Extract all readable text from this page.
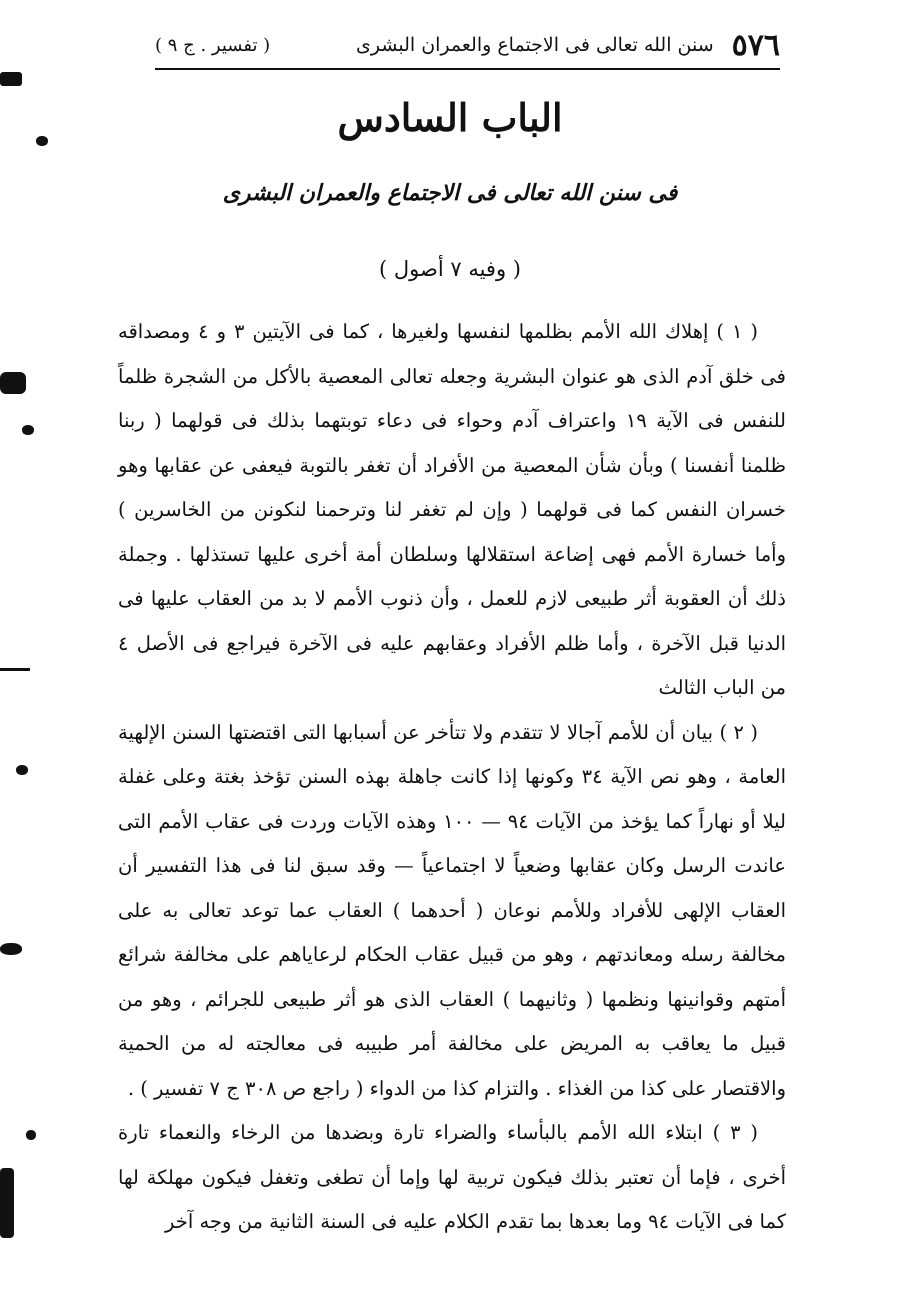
٥٧٦
سنن الله تعالى فى الاجتماع والعمران البشرى
( تفسير . ج ٩ )
الباب السادس
فى سنن الله تعالى فى الاجتماع والعمران البشرى
( وفيه ٧ أصول )

( ١ ) إهلاك الله الأمم بظلمها لنفسها ولغيرها ، كما فى الآيتين ٣ و ٤ ومصداقه فى خلق آدم الذى هو عنوان البشرية وجعله تعالى المعصية بالأكل من الشجرة ظلماً للنفس فى الآية ١٩ واعتراف آدم وحواء فى دعاء توبتهما بذلك فى قولهما ( ربنا ظلمنا أنفسنا ) وبأن شأن المعصية من الأفراد أن تغفر بالتوبة فيعفى عن عقابها وهو خسران النفس كما فى قولهما ( وإن لم تغفر لنا وترحمنا لنكونن من الخاسرين ) وأما خسارة الأمم فهى إضاعة استقلالها وسلطان أمة أخرى عليها تستذلها . وجملة ذلك أن العقوبة أثر طبيعى لازم للعمل ، وأن ذنوب الأمم لا بد من العقاب عليها فى الدنيا قبل الآخرة ، وأما ظلم الأفراد وعقابهم عليه فى الآخرة فيراجع فى الأصل ٤ من الباب الثالث

( ٢ ) بيان أن للأمم آجالا لا تتقدم ولا تتأخر عن أسبابها التى اقتضتها السنن الإلهية العامة ، وهو نص الآية ٣٤ وكونها إذا كانت جاهلة بهذه السنن تؤخذ بغتة وعلى غفلة ليلا أو نهاراً كما يؤخذ من الآيات ٩٤ — ١٠٠ وهذه الآيات وردت فى عقاب الأمم التى عاندت الرسل وكان عقابها وضعياً لا اجتماعياً — وقد سبق لنا فى هذا التفسير أن العقاب الإلهى للأفراد وللأمم نوعان ( أحدهما ) العقاب عما توعد تعالى به على مخالفة رسله ومعاندتهم ، وهو من قبيل عقاب الحكام لرعاياهم على مخالفة شرائع أمتهم وقوانينها ونظمها ( وثانيهما ) العقاب الذى هو أثر طبيعى للجرائم ، وهو من قبيل ما يعاقب به المريض على مخالفة أمر طبيبه فى معالجته له من الحمية والاقتصار على كذا من الغذاء . والتزام كذا من الدواء ( راجع ص ٣٠٨ ج ٧ تفسير ) .

( ٣ ) ابتلاء الله الأمم بالبأساء والضراء تارة وبضدها من الرخاء والنعماء تارة أخرى ، فإما أن تعتبر بذلك فيكون تربية لها وإما أن تطغى وتغفل فيكون مهلكة لها كما فى الآيات ٩٤ وما بعدها بما تقدم الكلام عليه فى السنة الثانية من وجه آخر
